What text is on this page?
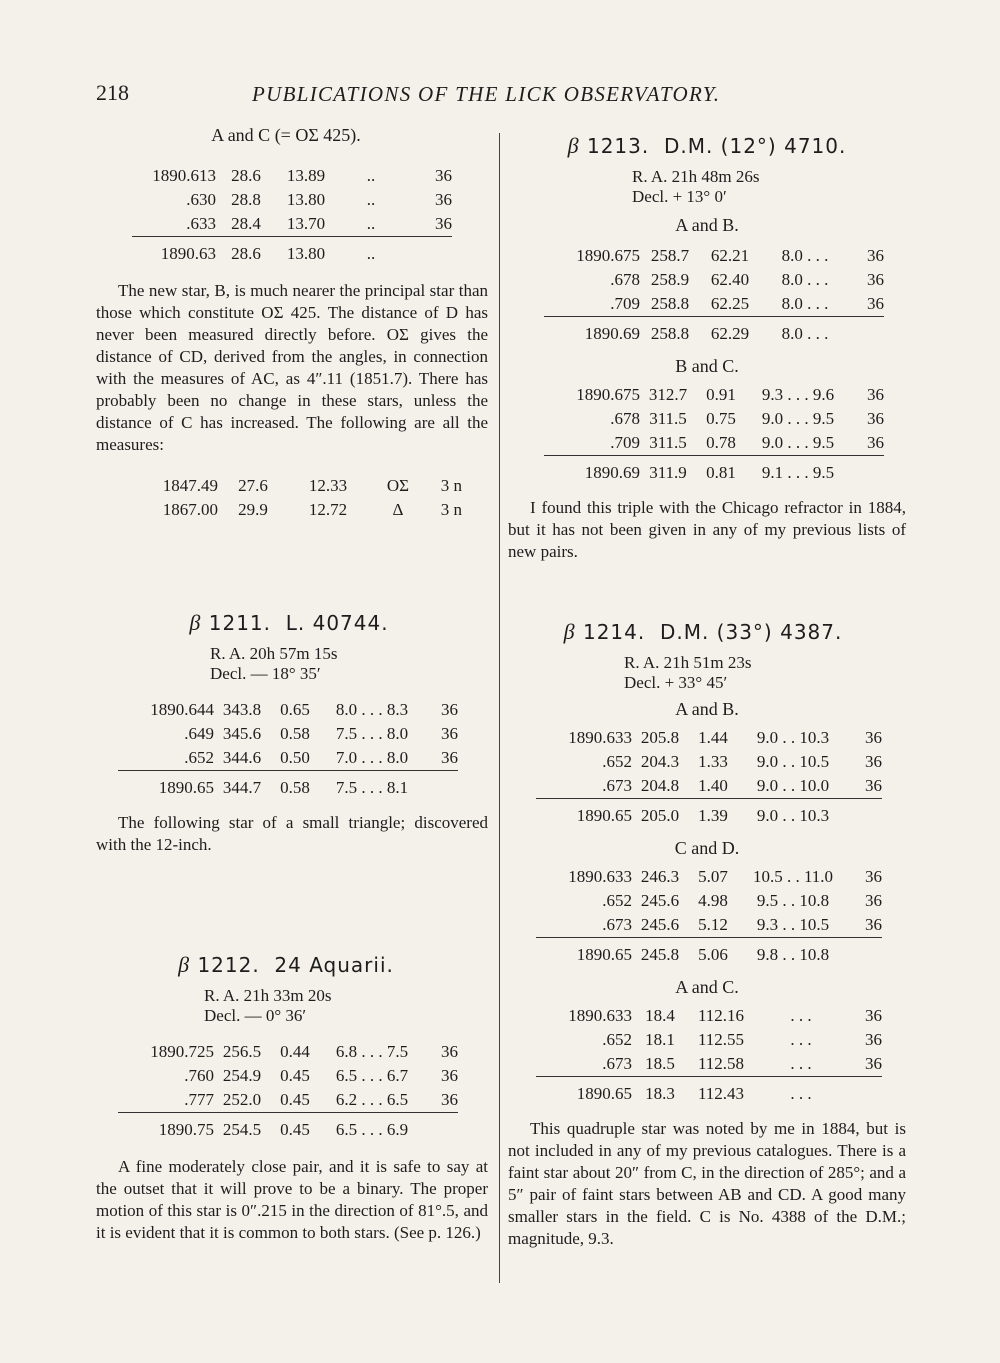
218	PUBLICATIONS OF THE LICK OBSERVATORY.

A and C (= ΟΣ 425).

1890.613	28.6	13.89	..	36
.630	28.8	13.80	..	36
.633	28.4	13.70	..	36
1890.63	28.6	13.80	..	

The new star, B, is much nearer the principal star than those which constitute ΟΣ 425. The distance of D has never been measured directly before. ΟΣ gives the distance of CD, derived from the angles, in connection with the measures of AC, as 4″.11 (1851.7). There has probably been no change in these stars, unless the distance of C has increased. The following are all the measures:

1847.49	27.6	12.33	ΟΣ	3 n
1867.00	29.9	12.72	Δ	3 n

β 1211. L. 40744.

R. A. 20h 57m 15s
Decl. — 18° 35′
1890.644	343.8	0.65	8.0 . . . 8.3	36
.649	345.6	0.58	7.5 . . . 8.0	36
.652	344.6	0.50	7.0 . . . 8.0	36
1890.65	344.7	0.58	7.5 . . . 8.1	

The following star of a small triangle; discovered with the 12-inch.

β 1212. 24 Aquarii.

R. A. 21h 33m 20s
Decl. — 0° 36′
1890.725	256.5	0.44	6.8 . . . 7.5	36
.760	254.9	0.45	6.5 . . . 6.7	36
.777	252.0	0.45	6.2 . . . 6.5	36
1890.75	254.5	0.45	6.5 . . . 6.9	

A fine moderately close pair, and it is safe to say at the outset that it will prove to be a binary. The proper motion of this star is 0″.215 in the direction of 81°.5, and it is evident that it is common to both stars. (See p. 126.)

β 1213. D.M. (12°) 4710.

R. A. 21h 48m 26s
Decl. + 13° 0′

A and B.

1890.675	258.7	62.21	8.0 . . .	36
.678	258.9	62.40	8.0 . . .	36
.709	258.8	62.25	8.0 . . .	36
1890.69	258.8	62.29	8.0 . . .	

B and C.

1890.675	312.7	0.91	9.3 . . . 9.6	36
.678	311.5	0.75	9.0 . . . 9.5	36
.709	311.5	0.78	9.0 . . . 9.5	36
1890.69	311.9	0.81	9.1 . . . 9.5	

I found this triple with the Chicago refractor in 1884, but it has not been given in any of my previous lists of new pairs.

β 1214. D.M. (33°) 4387.

R. A. 21h 51m 23s
Decl. + 33° 45′

A and B.

1890.633	205.8	1.44	9.0 . . 10.3	36
.652	204.3	1.33	9.0 . . 10.5	36
.673	204.8	1.40	9.0 . . 10.0	36
1890.65	205.0	1.39	9.0 . . 10.3	

C and D.

1890.633	246.3	5.07	10.5 . . 11.0	36
.652	245.6	4.98	9.5 . . 10.8	36
.673	245.6	5.12	9.3 . . 10.5	36
1890.65	245.8	5.06	9.8 . . 10.8	

A and C.

1890.633	18.4	112.16	. . .	36
.652	18.1	112.55	. . .	36
.673	18.5	112.58	. . .	36
1890.65	18.3	112.43	. . .	

This quadruple star was noted by me in 1884, but is not included in any of my previous catalogues. There is a faint star about 20″ from C, in the direction of 285°; and a 5″ pair of faint stars between AB and CD. A good many smaller stars in the field. C is No. 4388 of the D.M.; magnitude, 9.3.
